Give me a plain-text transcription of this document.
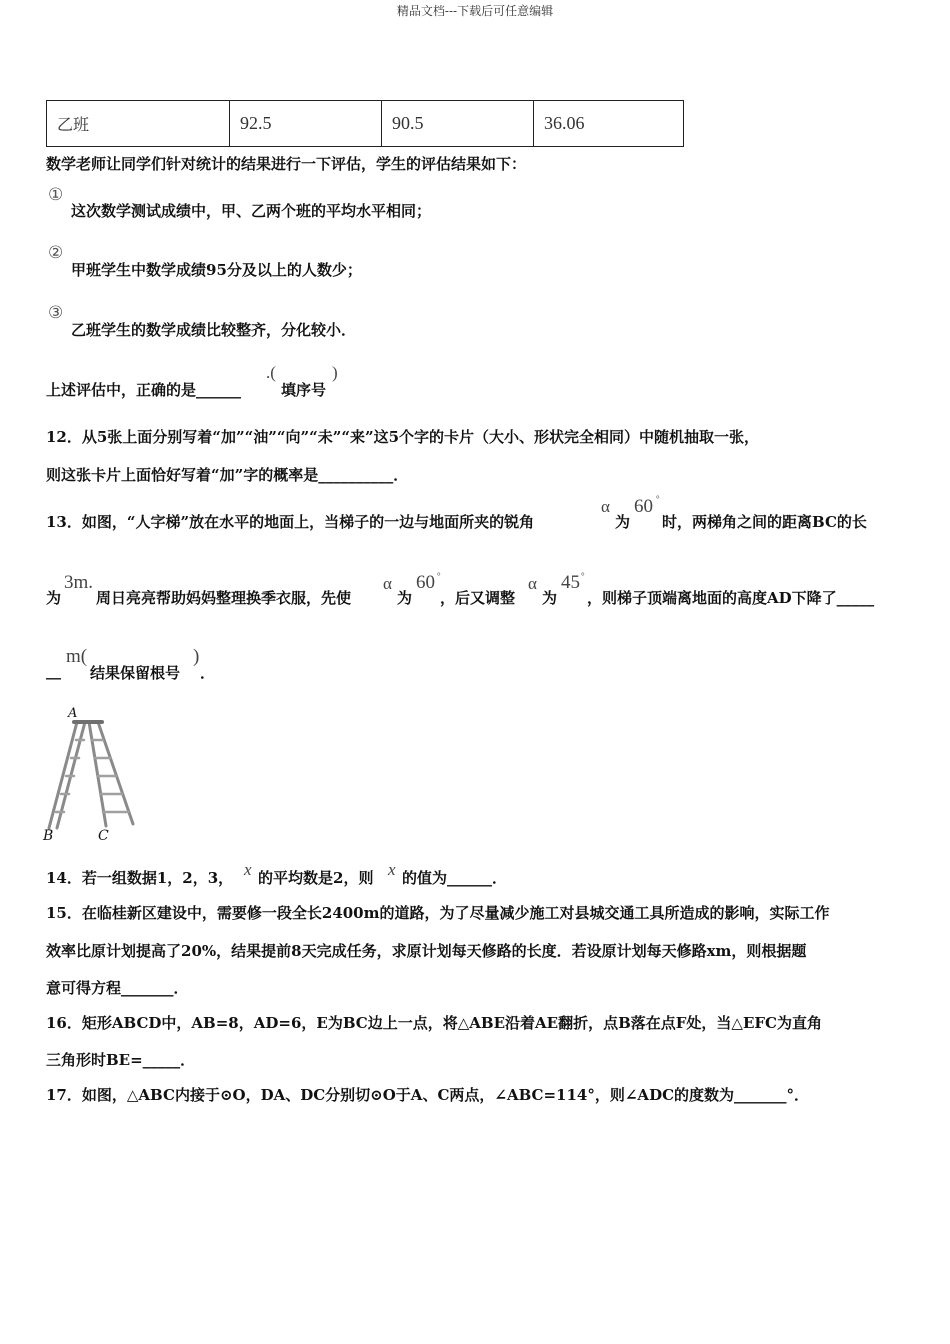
精品文档---下载后可任意编辑
乙班	92.5	90.5	36.06
数学老师让同学们针对统计的结果进行一下评估，学生的评估结果如下：
①
这次数学测试成绩中，甲、乙两个班的平均水平相同；
②
甲班学生中数学成绩95分及以上的人数少；
③
乙班学生的数学成绩比较整齐，分化较小．
上述评估中，正确的是______
.(
填序号
)
12．从5张上面分别写着“加”“油”“向”“未”“来”这5个字的卡片（大小、形状完全相同）中随机抽取一张，
则这张卡片上面恰好写着“加”字的概率是__________．
13．如图，“人字梯”放在水平的地面上，当梯子的一边与地面所夹的锐角
α
为
60 °
时，两梯角之间的距离BC的长
为
3m.
周日亮亮帮助妈妈整理换季衣服，先使
α
为
60 °
，后又调整
α
为
45 °
，则梯子顶端离地面的高度AD下降了_____
__
m(
结果保留根号
)
．
A
B	C
14．若一组数据1，2，3， x 的平均数是2，则 x 的值为______．
15．在临桂新区建设中，需要修一段全长2400m的道路，为了尽量减少施工对县城交通工具所造成的影响，实际工作
效率比原计划提高了20%，结果提前8天完成任务，求原计划每天修路的长度．若设原计划每天修路xm，则根据题
意可得方程_______．
16．矩形ABCD中，AB=8，AD=6，E为BC边上一点，将△ABE沿着AE翻折，点B落在点F处，当△EFC为直角
三角形时BE=_____．
17．如图，△ABC内接于⊙O，DA、DC分别切⊙O于A、C两点，∠ABC=114°，则∠ADC的度数为_______°．
